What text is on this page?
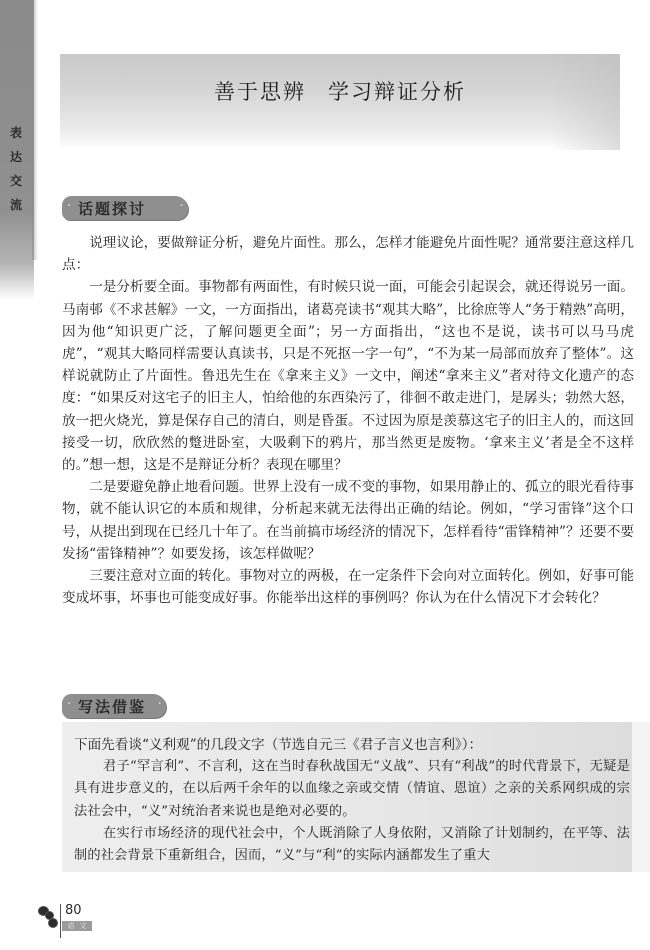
表
达
交
流
善于思辨 学习辩证分析
· 话题探讨
·

说理议论，要做辩证分析，避免片面性。那么，怎样才能避免片面性呢？通常要注意这样几点：

一是分析要全面。事物都有两面性，有时候只说一面，可能会引起误会，就还得说另一面。马南邨《不求甚解》一文，一方面指出，诸葛亮读书“观其大略”，比徐庶等人“务于精熟”高明，因为他“知识更广泛，了解问题更全面”；另一方面指出，“这也不是说，读书可以马马虎虎”，“观其大略同样需要认真读书，只是不死抠一字一句”，“不为某一局部而放弃了整体”。这样说就防止了片面性。鲁迅先生在《拿来主义》一文中，阐述“拿来主义”者对待文化遗产的态度：“如果反对这宅子的旧主人，怕给他的东西染污了，徘徊不敢走进门，是孱头；勃然大怒，放一把火烧光，算是保存自己的清白，则是昏蛋。不过因为原是羡慕这宅子的旧主人的，而这回接受一切，欣欣然的蹩进卧室，大吸剩下的鸦片，那当然更是废物。‘拿来主义’者是全不这样的。”想一想，这是不是辩证分析？表现在哪里？

二是要避免静止地看问题。世界上没有一成不变的事物，如果用静止的、孤立的眼光看待事物，就不能认识它的本质和规律，分析起来就无法得出正确的结论。例如，“学习雷锋”这个口号，从提出到现在已经几十年了。在当前搞市场经济的情况下，怎样看待“雷锋精神”？还要不要发扬“雷锋精神”？如要发扬，该怎样做呢？

三要注意对立面的转化。事物对立的两极，在一定条件下会向对立面转化。例如，好事可能变成坏事，坏事也可能变成好事。你能举出这样的事例吗？你认为在什么情况下才会转化？

· 写法借鉴
·

下面先看谈“义利观”的几段文字（节选自元三《君子言义也言利》）：

君子“罕言利”、不言利，这在当时春秋战国无“义战”、只有“利战”的时代背景下，无疑是具有进步意义的，在以后两千余年的以血缘之亲或交情（情谊、恩谊）之亲的关系网织成的宗法社会中，“义”对统治者来说也是绝对必要的。

在实行市场经济的现代社会中，个人既消除了人身依附，又消除了计划制约，在平等、法制的社会背景下重新组合，因而，“义”与“利”的实际内涵都发生了重大

80
语 文
